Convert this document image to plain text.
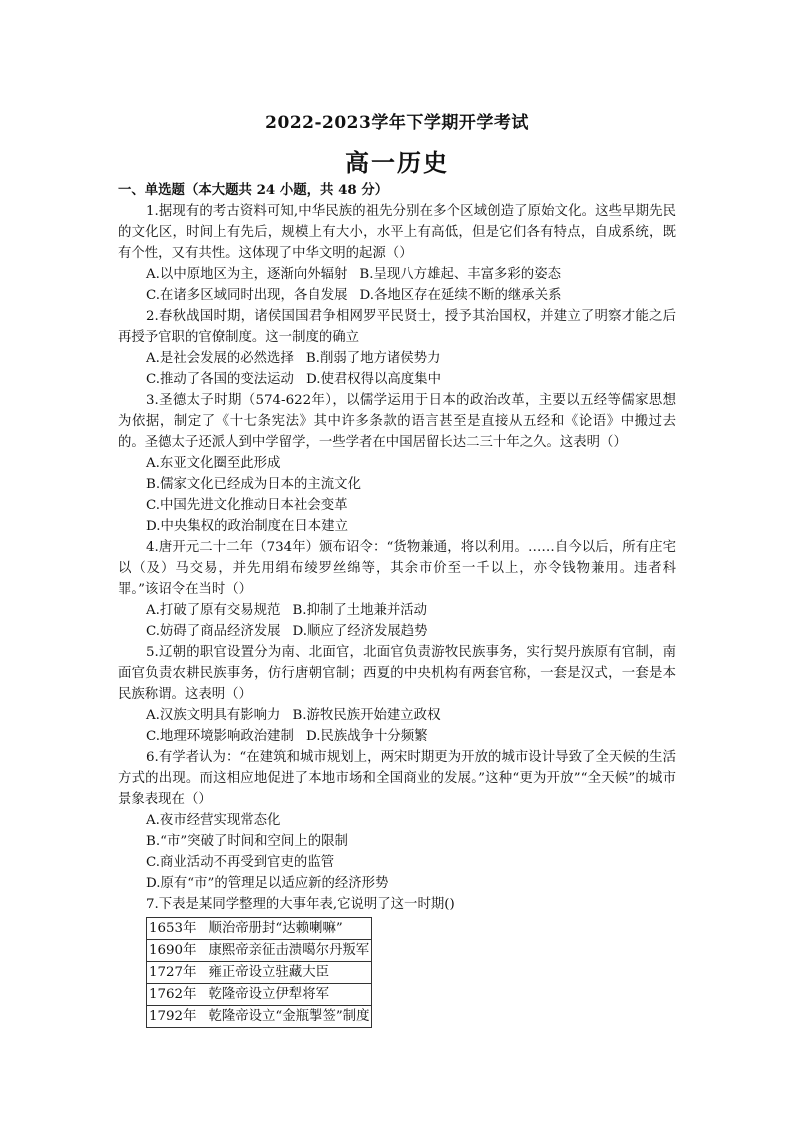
2022-2023学年下学期开学考试
高一历史
一、单选题（本大题共 24 小题，共 48 分）
1.据现有的考古资料可知,中华民族的祖先分别在多个区域创造了原始文化。这些早期先民的文化区，时间上有先后，规模上有大小，水平上有高低，但是它们各有特点，自成系统，既有个性，又有共性。这体现了中华文明的起源（）
A.以中原地区为主，逐渐向外辐射 B.呈现八方雄起、丰富多彩的姿态
C.在诸多区域同时出现，各自发展 D.各地区存在延续不断的继承关系
2.春秋战国时期，诸侯国国君争相网罗平民贤士，授予其治国权，并建立了明察才能之后再授予官职的官僚制度。这一制度的确立
A.是社会发展的必然选择 B.削弱了地方诸侯势力
C.推动了各国的变法运动 D.使君权得以高度集中
3.圣德太子时期（574-622年），以儒学运用于日本的政治改革，主要以五经等儒家思想为依据，制定了《十七条宪法》其中许多条款的语言甚至是直接从五经和《论语》中搬过去的。圣德太子还派人到中学留学，一些学者在中国居留长达二三十年之久。这表明（）
A.东亚文化圈至此形成
B.儒家文化已经成为日本的主流文化
C.中国先进文化推动日本社会变革
D.中央集权的政治制度在日本建立
4.唐开元二十二年（734年）颁布诏令：“货物兼通，将以利用。……自今以后，所有庄宅以（及）马交易，并先用绢布绫罗丝绵等，其余市价至一千以上，亦令钱物兼用。违者科罪。”该诏令在当时（）
A.打破了原有交易规范 B.抑制了土地兼并活动
C.妨碍了商品经济发展 D.顺应了经济发展趋势
5.辽朝的职官设置分为南、北面官，北面官负责游牧民族事务，实行契丹族原有官制，南面官负责农耕民族事务，仿行唐朝官制；西夏的中央机构有两套官称，一套是汉式，一套是本民族称谓。这表明（）
A.汉族文明具有影响力 B.游牧民族开始建立政权
C.地理环境影响政治建制 D.民族战争十分频繁
6.有学者认为：“在建筑和城市规划上，两宋时期更为开放的城市设计导致了全天候的生活方式的出现。而这相应地促进了本地市场和全国商业的发展。”这种“更为开放”“全天候”的城市景象表现在（）
A.夜市经营实现常态化
B.“市”突破了时间和空间上的限制
C.商业活动不再受到官吏的监管
D.原有“市”的管理足以适应新的经济形势
7.下表是某同学整理的大事年表,它说明了这一时期()
1653年	顺治帝册封“达赖喇嘛”
1690年	康熙帝亲征击溃噶尔丹叛军
1727年	雍正帝设立驻藏大臣
1762年	乾隆帝设立伊犁将军
1792年	乾隆帝设立“金瓶掣签”制度
